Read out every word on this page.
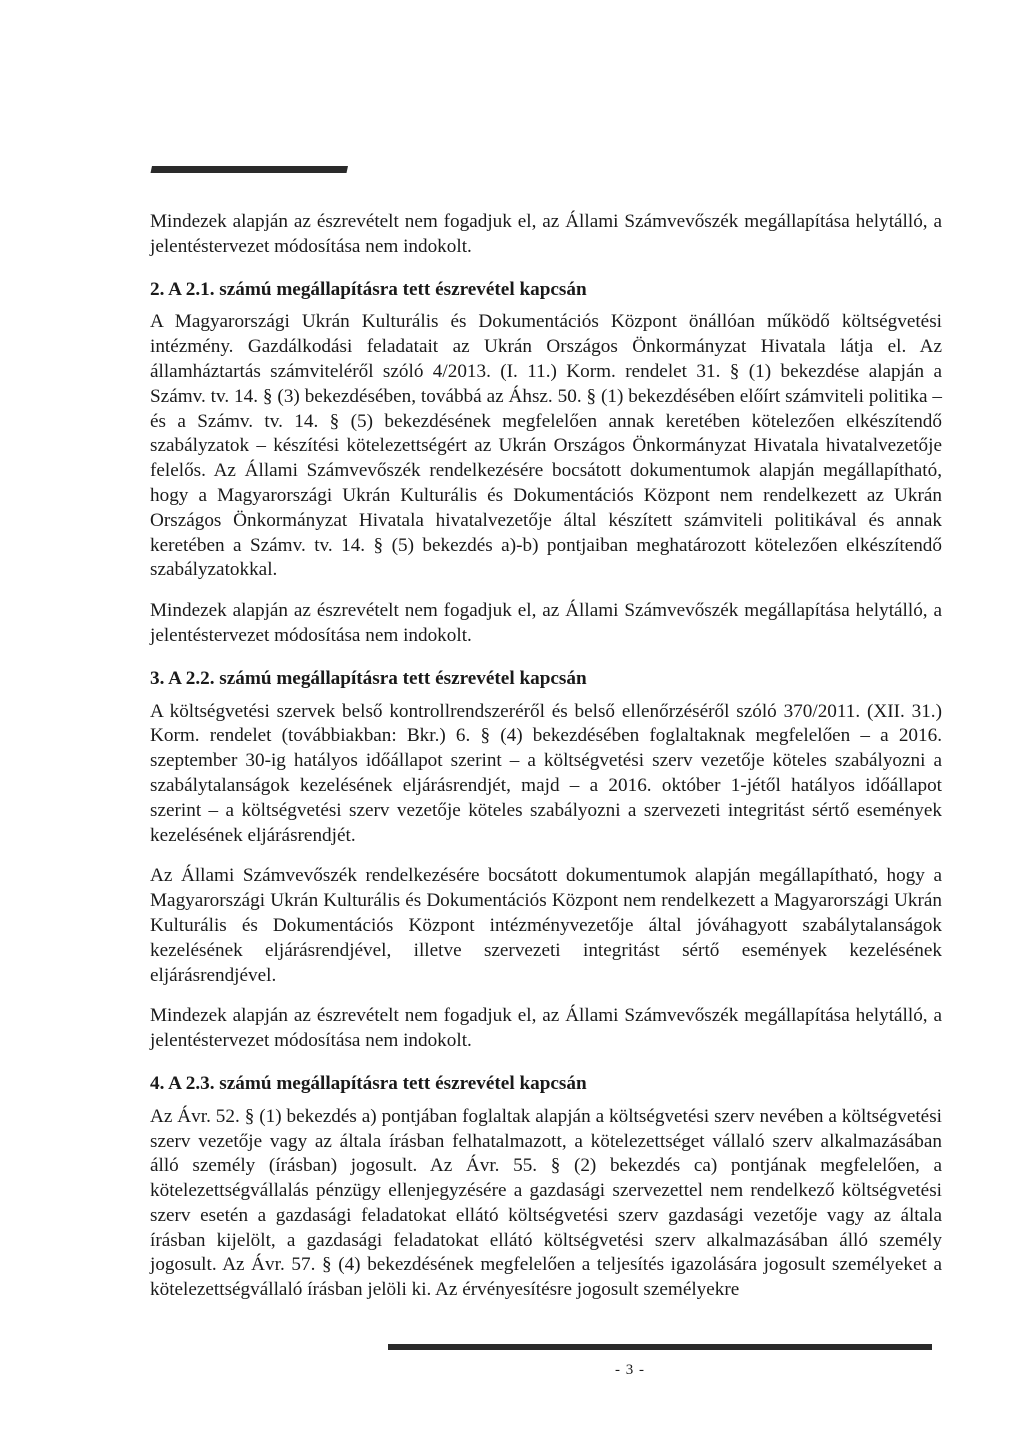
Mindezek alapján az észrevételt nem fogadjuk el, az Állami Számvevőszék megállapítása helytálló, a jelentéstervezet módosítása nem indokolt.

2. A 2.1. számú megállapításra tett észrevétel kapcsán

A Magyarországi Ukrán Kulturális és Dokumentációs Központ önállóan működő költségvetési intézmény. Gazdálkodási feladatait az Ukrán Országos Önkormányzat Hivatala látja el. Az államháztartás számviteléről szóló 4/2013. (I. 11.) Korm. rendelet 31. § (1) bekezdése alapján a Számv. tv. 14. § (3) bekezdésében, továbbá az Áhsz. 50. § (1) bekezdésében előírt számviteli politika – és a Számv. tv. 14. § (5) bekezdésének megfelelően annak keretében kötelezően elkészítendő szabályzatok – készítési kötelezettségért az Ukrán Országos Önkormányzat Hivatala hivatalvezetője felelős. Az Állami Számvevőszék rendelkezésére bocsátott dokumentumok alapján megállapítható, hogy a Magyarországi Ukrán Kulturális és Dokumentációs Központ nem rendelkezett az Ukrán Országos Önkormányzat Hivatala hivatalvezetője által készített számviteli politikával és annak keretében a Számv. tv. 14. § (5) bekezdés a)-b) pontjaiban meghatározott kötelezően elkészítendő szabályzatokkal.

Mindezek alapján az észrevételt nem fogadjuk el, az Állami Számvevőszék megállapítása helytálló, a jelentéstervezet módosítása nem indokolt.

3. A 2.2. számú megállapításra tett észrevétel kapcsán

A költségvetési szervek belső kontrollrendszeréről és belső ellenőrzéséről szóló 370/2011. (XII. 31.) Korm. rendelet (továbbiakban: Bkr.) 6. § (4) bekezdésében foglaltaknak megfelelően – a 2016. szeptember 30-ig hatályos időállapot szerint – a költségvetési szerv vezetője köteles szabályozni a szabálytalanságok kezelésének eljárásrendjét, majd – a 2016. október 1-jétől hatályos időállapot szerint – a költségvetési szerv vezetője köteles szabályozni a szervezeti integritást sértő események kezelésének eljárásrendjét.

Az Állami Számvevőszék rendelkezésére bocsátott dokumentumok alapján megállapítható, hogy a Magyarországi Ukrán Kulturális és Dokumentációs Központ nem rendelkezett a Magyarországi Ukrán Kulturális és Dokumentációs Központ intézményvezetője által jóváhagyott szabálytalanságok kezelésének eljárásrendjével, illetve szervezeti integritást sértő események kezelésének eljárásrendjével.

Mindezek alapján az észrevételt nem fogadjuk el, az Állami Számvevőszék megállapítása helytálló, a jelentéstervezet módosítása nem indokolt.

4. A 2.3. számú megállapításra tett észrevétel kapcsán

Az Ávr. 52. § (1) bekezdés a) pontjában foglaltak alapján a költségvetési szerv nevében a költségvetési szerv vezetője vagy az általa írásban felhatalmazott, a kötelezettséget vállaló szerv alkalmazásában álló személy (írásban) jogosult. Az Ávr. 55. § (2) bekezdés ca) pontjának megfelelően, a kötelezettségvállalás pénzügy ellenjegyzésére a gazdasági szervezettel nem rendelkező költségvetési szerv esetén a gazdasági feladatokat ellátó költségvetési szerv gazdasági vezetője vagy az általa írásban kijelölt, a gazdasági feladatokat ellátó költségvetési szerv alkalmazásában álló személy jogosult. Az Ávr. 57. § (4) bekezdésének megfelelően a teljesítés igazolására jogosult személyeket a kötelezettségvállaló írásban jelöli ki. Az érvényesítésre jogosult személyekre

- 3 -
